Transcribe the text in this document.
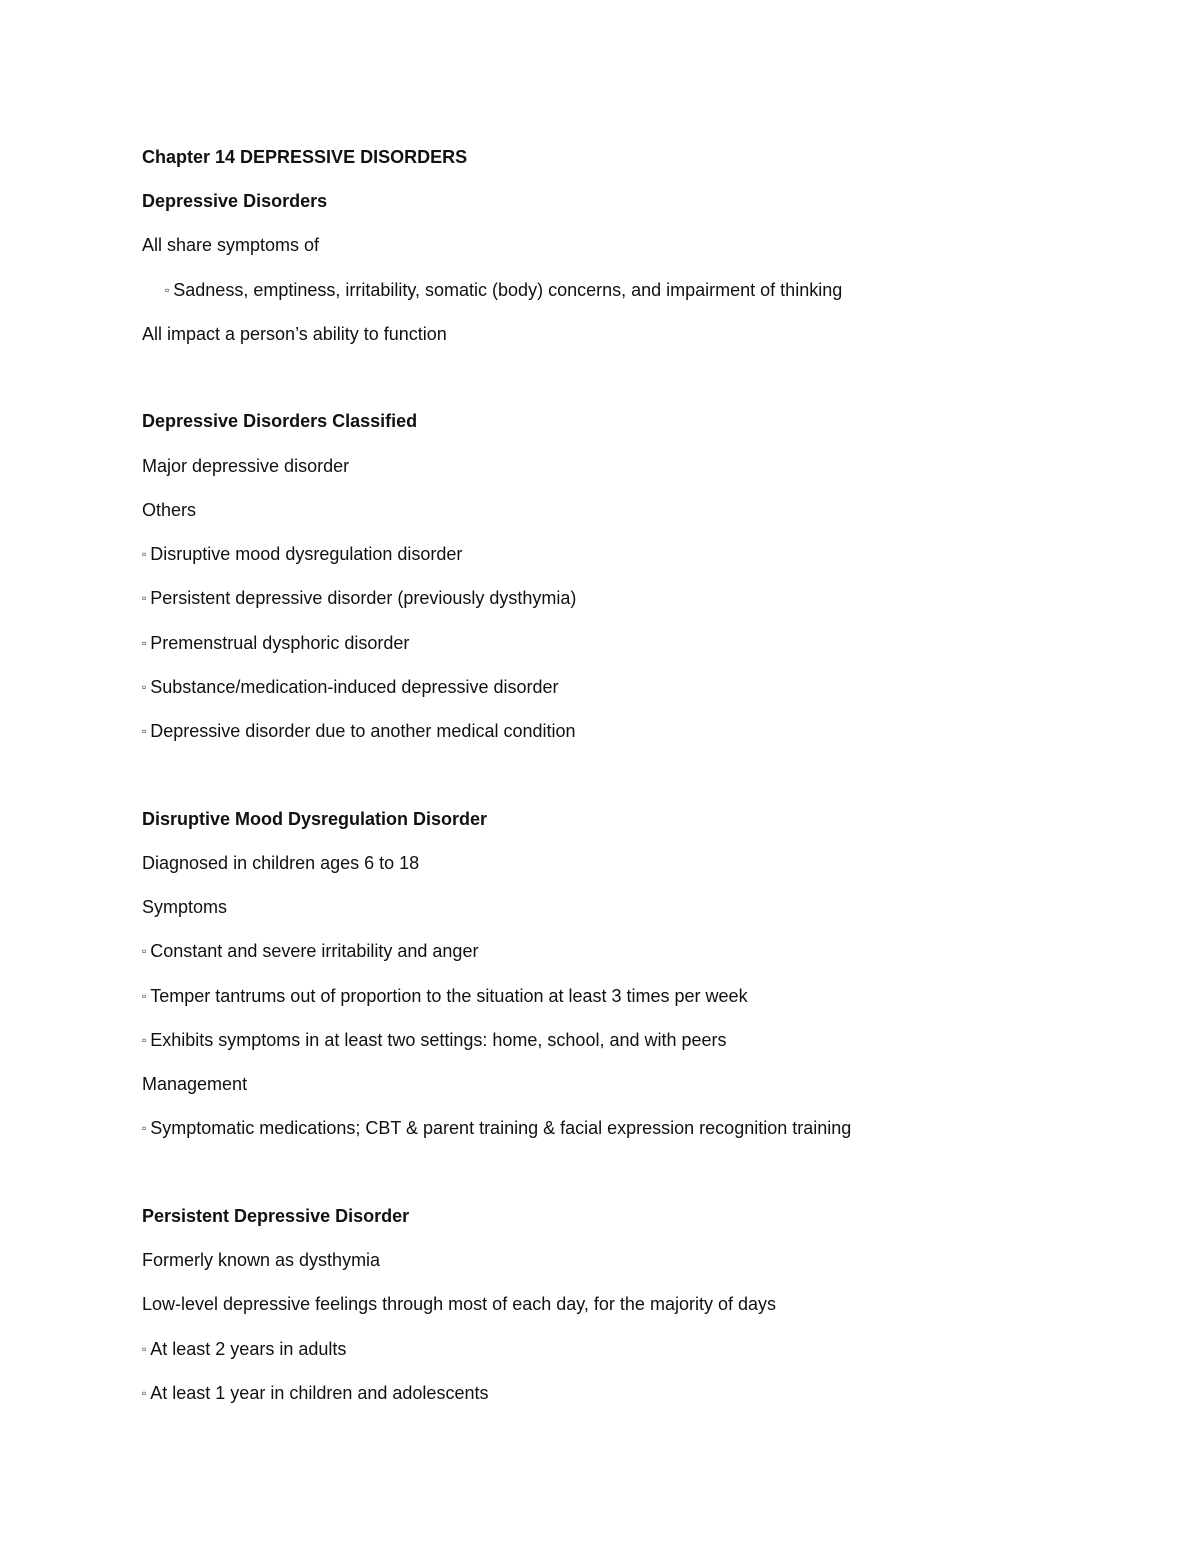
Chapter 14 DEPRESSIVE DISORDERS
Depressive Disorders
All share symptoms of
▫ Sadness, emptiness, irritability, somatic (body) concerns, and impairment of thinking
All impact a person’s ability to function
Depressive Disorders Classified
Major depressive disorder
Others
▫ Disruptive mood dysregulation disorder
▫ Persistent depressive disorder (previously dysthymia)
▫ Premenstrual dysphoric disorder
▫ Substance/medication-induced depressive disorder
▫ Depressive disorder due to another medical condition
Disruptive Mood Dysregulation Disorder
Diagnosed in children ages 6 to 18
Symptoms
▫ Constant and severe irritability and anger
▫ Temper tantrums out of proportion to the situation at least 3 times per week
▫ Exhibits symptoms in at least two settings: home, school, and with peers
Management
▫ Symptomatic medications; CBT & parent training & facial expression recognition training
Persistent Depressive Disorder
Formerly known as dysthymia
Low-level depressive feelings through most of each day, for the majority of days
▫ At least 2 years in adults
▫ At least 1 year in children and adolescents
